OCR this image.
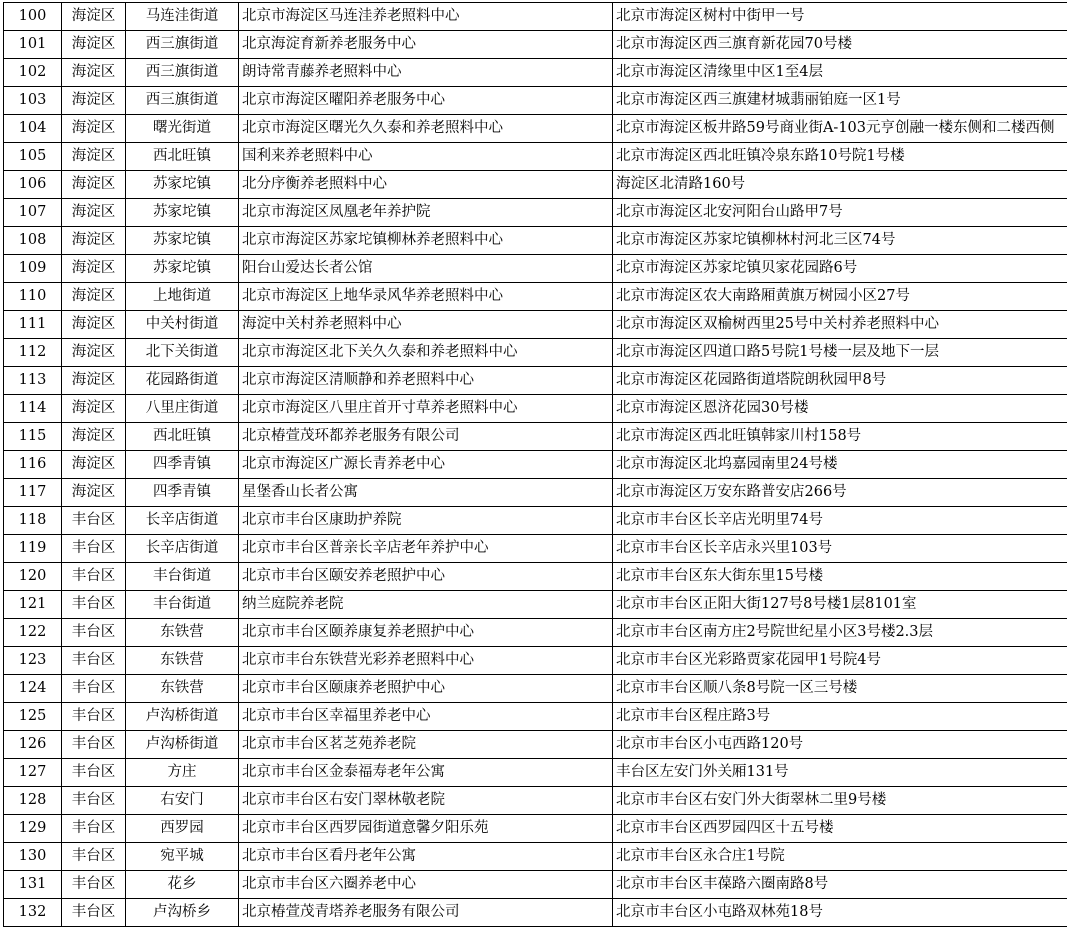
100	海淀区	马连洼街道	北京市海淀区马连洼养老照料中心	北京市海淀区树村中街甲一号
101	海淀区	西三旗街道	北京海淀育新养老服务中心	北京市海淀区西三旗育新花园70号楼
102	海淀区	西三旗街道	朗诗常青藤养老照料中心	北京市海淀区清缘里中区1至4层
103	海淀区	西三旗街道	北京市海淀区曜阳养老服务中心	北京市海淀区西三旗建材城翡丽铂庭一区1号
104	海淀区	曙光街道	北京市海淀区曙光久久泰和养老照料中心	北京市海淀区板井路59号商业街A-103元亨创融一楼东侧和二楼西侧
105	海淀区	西北旺镇	国利来养老照料中心	北京市海淀区西北旺镇冷泉东路10号院1号楼
106	海淀区	苏家坨镇	北分序衡养老照料中心	海淀区北清路160号
107	海淀区	苏家坨镇	北京市海淀区凤凰老年养护院	北京市海淀区北安河阳台山路甲7号
108	海淀区	苏家坨镇	北京市海淀区苏家坨镇柳林养老照料中心	北京市海淀区苏家坨镇柳林村河北三区74号
109	海淀区	苏家坨镇	阳台山爱达长者公馆	北京市海淀区苏家坨镇贝家花园路6号
110	海淀区	上地街道	北京市海淀区上地华录风华养老照料中心	北京市海淀区农大南路厢黄旗万树园小区27号
111	海淀区	中关村街道	海淀中关村养老照料中心	北京市海淀区双榆树西里25号中关村养老照料中心
112	海淀区	北下关街道	北京市海淀区北下关久久泰和养老照料中心	北京市海淀区四道口路5号院1号楼一层及地下一层
113	海淀区	花园路街道	北京市海淀区清顺静和养老照料中心	北京市海淀区花园路街道塔院朗秋园甲8号
114	海淀区	八里庄街道	北京市海淀区八里庄首开寸草养老照料中心	北京市海淀区恩济花园30号楼
115	海淀区	西北旺镇	北京椿萱茂环都养老服务有限公司	北京市海淀区西北旺镇韩家川村158号
116	海淀区	四季青镇	北京市海淀区广源长青养老中心	北京市海淀区北坞嘉园南里24号楼
117	海淀区	四季青镇	星堡香山长者公寓	北京市海淀区万安东路普安店266号
118	丰台区	长辛店街道	北京市丰台区康助护养院	北京市丰台区长辛店光明里74号
119	丰台区	长辛店街道	北京市丰台区普亲长辛店老年养护中心	北京市丰台区长辛店永兴里103号
120	丰台区	丰台街道	北京市丰台区颐安养老照护中心	北京市丰台区东大街东里15号楼
121	丰台区	丰台街道	纳兰庭院养老院	北京市丰台区正阳大街127号8号楼1层8101室
122	丰台区	东铁营	北京市丰台区颐养康复养老照护中心	北京市丰台区南方庄2号院世纪星小区3号楼2.3层
123	丰台区	东铁营	北京市丰台东铁营光彩养老照料中心	北京市丰台区光彩路贾家花园甲1号院4号
124	丰台区	东铁营	北京市丰台区颐康养老照护中心	北京市丰台区顺八条8号院一区三号楼
125	丰台区	卢沟桥街道	北京市丰台区幸福里养老中心	北京市丰台区程庄路3号
126	丰台区	卢沟桥街道	北京市丰台区茗芝苑养老院	北京市丰台区小屯西路120号
127	丰台区	方庄	北京市丰台区金泰福寿老年公寓	丰台区左安门外关厢131号
128	丰台区	右安门	北京市丰台区右安门翠林敬老院	北京市丰台区右安门外大街翠林二里9号楼
129	丰台区	西罗园	北京市丰台区西罗园街道意馨夕阳乐苑	北京市丰台区西罗园四区十五号楼
130	丰台区	宛平城	北京市丰台区看丹老年公寓	北京市丰台区永合庄1号院
131	丰台区	花乡	北京市丰台区六圈养老中心	北京市丰台区丰葆路六圈南路8号
132	丰台区	卢沟桥乡	北京椿萱茂青塔养老服务有限公司	北京市丰台区小屯路双林苑18号
